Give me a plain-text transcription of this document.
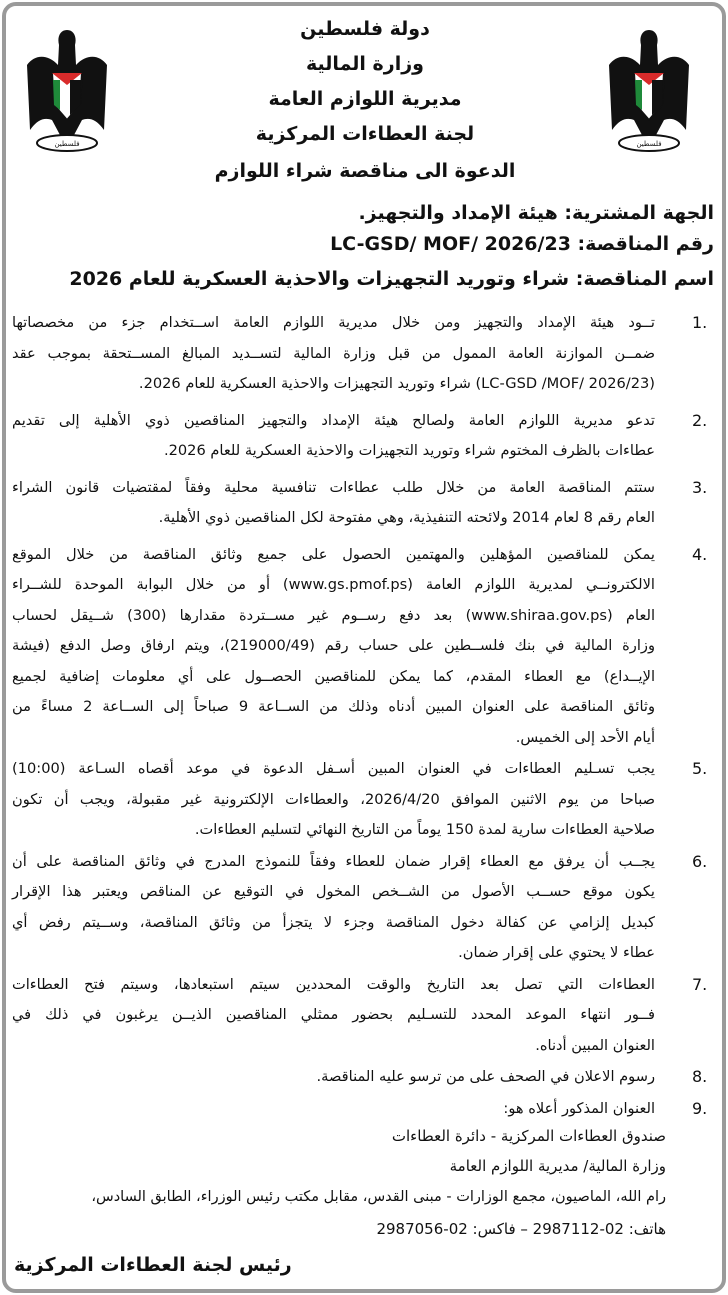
فلسطين
دولة فلسطين
وزارة المالية
مديرية اللوازم العامة
لجنة العطاءات المركزية
الدعوة الى مناقصة شراء اللوازم
الجهة المشترية: هيئة الإمداد والتجهيز.
رقم المناقصة: LC-GSD/ MOF/ 2026/23
اسم المناقصة: شراء وتوريد التجهيزات والاحذية العسكرية للعام 2026
1.
تــود هيئة الإمداد والتجهيز ومن خلال مديرية اللوازم العامة اســتخدام جزء من مخصصاتها
ضمــن الموازنة العامة الممول من قبل وزارة المالية لتســديد المبالغ المســتحقة بموجب عقد
(LC-GSD /MOF/ 2026/23) شراء وتوريد التجهيزات والاحذية العسكرية للعام 2026.
2.
تدعو مديرية اللوازم العامة ولصالح هيئة الإمداد والتجهيز المناقصين ذوي الأهلية إلى تقديم
عطاءات بالظرف المختوم شراء وتوريد التجهيزات والاحذية العسكرية للعام 2026.
3.
ستتم المناقصة العامة من خلال طلب عطاءات تنافسية محلية وفقاً لمقتضيات قانون الشراء
العام رقم 8 لعام 2014 ولائحته التنفيذية، وهي مفتوحة لكل المناقصين ذوي الأهلية.
4.
يمكن للمناقصين المؤهلين والمهتمين الحصول على جميع وثائق المناقصة من خلال الموقع
الالكترونــي لمديرية اللوازم العامة (www.gs.pmof.ps) أو من خلال البوابة الموحدة للشــراء
العام (www.shiraa.gov.ps) بعد دفع رســوم غير مســتردة مقدارها (300) شــيقل لحساب
وزارة المالية في بنك فلســطين على حساب رقم (219000/49)، ويتم ارفاق وصل الدفع (فيشة
الإيــداع) مع العطاء المقدم، كما يمكن للمناقصين الحصــول على أي معلومات إضافية لجميع
وثائق المناقصة على العنوان المبين أدناه وذلك من الســاعة 9 صباحاً إلى الســاعة 2 مساءً من
أيام الأحد إلى الخميس.
5.
يجب تسـليم العطاءات في العنوان المبين أسـفل الدعوة في موعد أقصاه السـاعة (10:00)
صباحا من يوم الاثنين الموافق 2026/4/20، والعطاءات الإلكترونية غير مقبولة، ويجب أن تكون
صلاحية العطاءات سارية لمدة 150 يوماً من التاريخ النهائي لتسليم العطاءات.
6.
يجــب أن يرفق مع العطاء إقرار ضمان للعطاء وفقاً للنموذج المدرج في وثائق المناقصة على أن
يكون موقع حســب الأصول من الشــخص المخول في التوقيع عن المناقص ويعتبر هذا الإقرار
كبديل إلزامي عن كفالة دخول المناقصة وجزء لا يتجزأ من وثائق المناقصة، وســيتم رفض أي
عطاء لا يحتوي على إقرار ضمان.
7.
العطاءات التي تصل بعد التاريخ والوقت المحددين سيتم استبعادها، وسيتم فتح العطاءات
فــور انتهاء الموعد المحدد للتسـليم بحضور ممثلي المناقصين الذيــن يرغبون في ذلك في
العنوان المبين أدناه.
8.
رسوم الاعلان في الصحف على من ترسو عليه المناقصة.
9.
العنوان المذكور أعلاه هو:
صندوق العطاءات المركزية - دائرة العطاءات
وزارة المالية/ مديرية اللوازم العامة
رام الله، الماصيون، مجمع الوزارات - مبنى القدس، مقابل مكتب رئيس الوزراء، الطابق السادس،
هاتف: 02-2987112 – فاكس: 02-2987056
رئيس لجنة العطاءات المركزية
